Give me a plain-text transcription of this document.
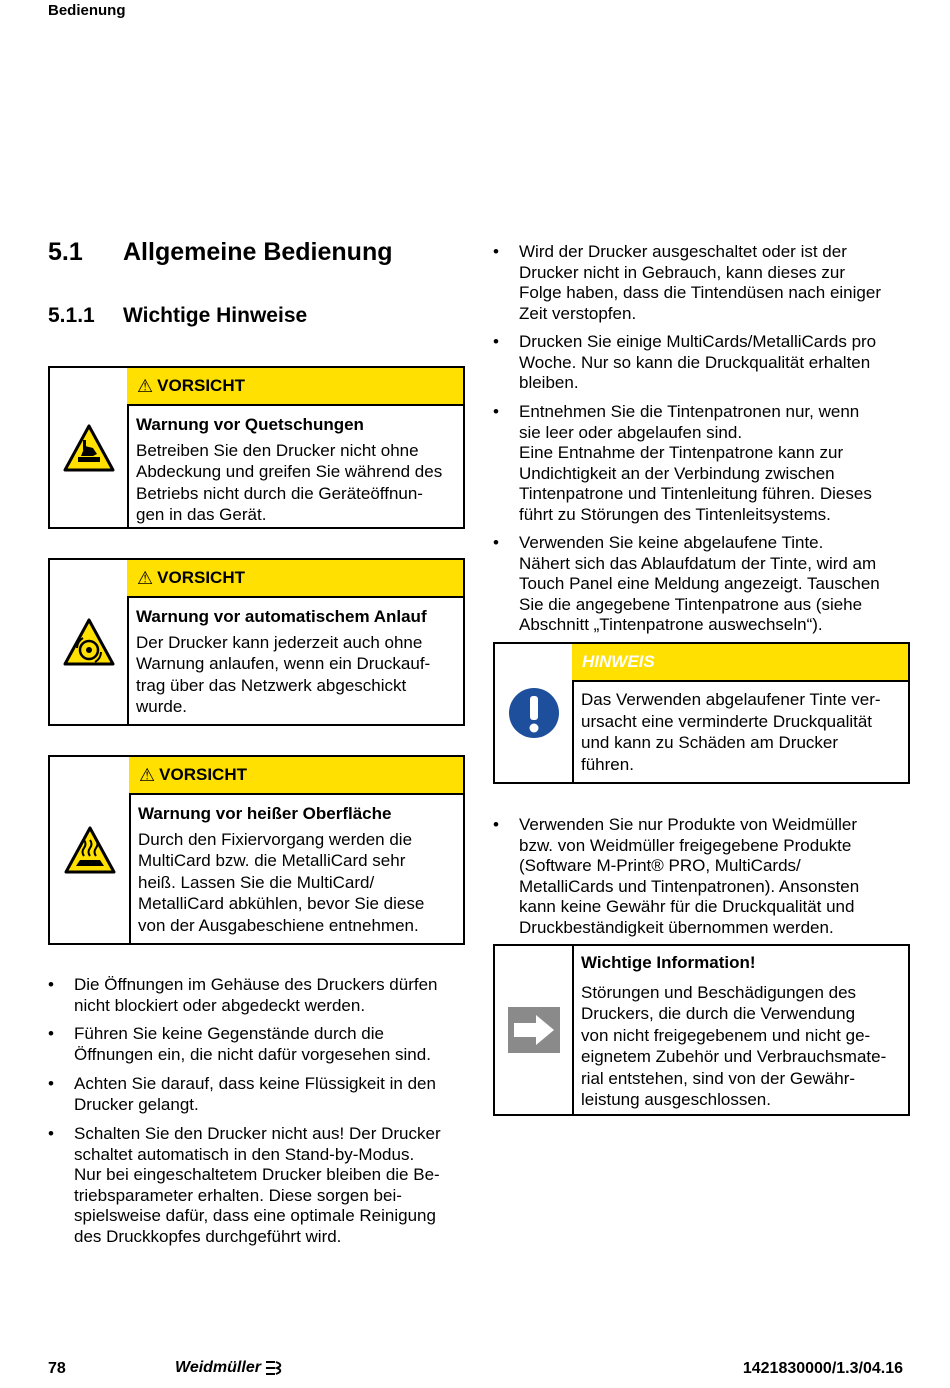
Bedienung
5.1 Allgemeine Bedienung
5.1.1 Wichtige Hinweise
⚠ VORSICHT
Warnung vor Quetschungen
Betreiben Sie den Drucker nicht ohne
Abdeckung und greifen Sie während des
Betriebs nicht durch die Geräteöffnun-
gen in das Gerät.
⚠ VORSICHT
Warnung vor automatischem Anlauf
Der Drucker kann jederzeit auch ohne
Warnung anlaufen, wenn ein Druckauf-
trag über das Netzwerk abgeschickt
wurde.
⚠ VORSICHT
Warnung vor heißer Oberfläche
Durch den Fixiervorgang werden die
MultiCard bzw. die MetalliCard sehr
heiß. Lassen Sie die MultiCard/
MetalliCard abkühlen, bevor Sie diese
von der Ausgabeschiene entnehmen.
• Die Öffnungen im Gehäuse des Druckers dürfen
nicht blockiert oder abgedeckt werden.
• Führen Sie keine Gegenstände durch die
Öffnungen ein, die nicht dafür vorgesehen sind.
• Achten Sie darauf, dass keine Flüssigkeit in den
Drucker gelangt.
• Schalten Sie den Drucker nicht aus! Der Drucker
schaltet automatisch in den Stand-by-Modus.
Nur bei eingeschaltetem Drucker bleiben die Be-
triebsparameter erhalten. Diese sorgen bei-
spielsweise dafür, dass eine optimale Reinigung
des Druckkopfes durchgeführt wird.
• Wird der Drucker ausgeschaltet oder ist der
Drucker nicht in Gebrauch, kann dieses zur
Folge haben, dass die Tintendüsen nach einiger
Zeit verstopfen.
• Drucken Sie einige MultiCards/MetalliCards pro
Woche. Nur so kann die Druckqualität erhalten
bleiben.
• Entnehmen Sie die Tintenpatronen nur, wenn
sie leer oder abgelaufen sind.
Eine Entnahme der Tintenpatrone kann zur
Undichtigkeit an der Verbindung zwischen
Tintenpatrone und Tintenleitung führen. Dieses
führt zu Störungen des Tintenleitsystems.
• Verwenden Sie keine abgelaufene Tinte.
Nähert sich das Ablaufdatum der Tinte, wird am
Touch Panel eine Meldung angezeigt. Tauschen
Sie die angegebene Tintenpatrone aus (siehe
Abschnitt „Tintenpatrone auswechseln“).
HINWEIS
Das Verwenden abgelaufener Tinte ver-
ursacht eine verminderte Druckqualität
und kann zu Schäden am Drucker
führen.
• Verwenden Sie nur Produkte von Weidmüller
bzw. von Weidmüller freigegebene Produkte
(Software M-Print® PRO, MultiCards/
MetalliCards und Tintenpatronen). Ansonsten
kann keine Gewähr für die Druckqualität und
Druckbeständigkeit übernommen werden.
Wichtige Information!
Störungen und Beschädigungen des
Druckers, die durch die Verwendung
von nicht freigegebenem und nicht ge-
eignetem Zubehör und Verbrauchsmate-
rial entstehen, sind von der Gewähr-
leistung ausgeschlossen.
78	Weidmüller	1421830000/1.3/04.16
